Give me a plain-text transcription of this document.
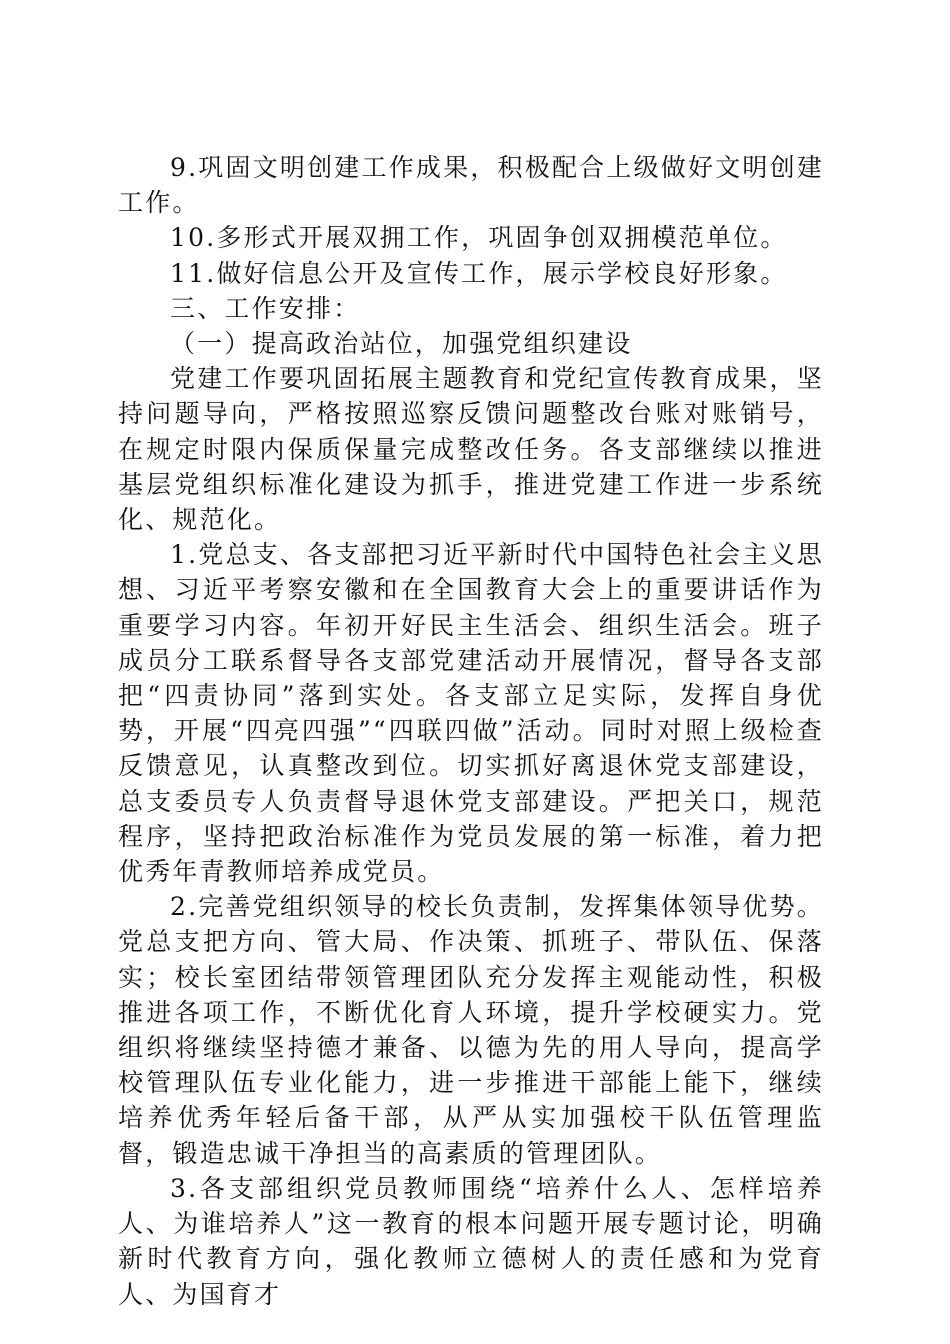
9.巩固文明创建工作成果，积极配合上级做好文明创建工作。

10.多形式开展双拥工作，巩固争创双拥模范单位。

11.做好信息公开及宣传工作，展示学校良好形象。

三、工作安排：

（一）提高政治站位，加强党组织建设

党建工作要巩固拓展主题教育和党纪宣传教育成果，坚持问题导向，严格按照巡察反馈问题整改台账对账销号，在规定时限内保质保量完成整改任务。各支部继续以推进基层党组织标准化建设为抓手，推进党建工作进一步系统化、规范化。

1.党总支、各支部把习近平新时代中国特色社会主义思想、习近平考察安徽和在全国教育大会上的重要讲话作为重要学习内容。年初开好民主生活会、组织生活会。班子成员分工联系督导各支部党建活动开展情况，督导各支部把“四责协同”落到实处。各支部立足实际，发挥自身优势，开展“四亮四强”“四联四做”活动。同时对照上级检查反馈意见，认真整改到位。切实抓好离退休党支部建设，总支委员专人负责督导退休党支部建设。严把关口，规范程序，坚持把政治标准作为党员发展的第一标准，着力把优秀年青教师培养成党员。

2.完善党组织领导的校长负责制，发挥集体领导优势。党总支把方向、管大局、作决策、抓班子、带队伍、保落实；校长室团结带领管理团队充分发挥主观能动性，积极推进各项工作，不断优化育人环境，提升学校硬实力。党组织将继续坚持德才兼备、以德为先的用人导向，提高学校管理队伍专业化能力，进一步推进干部能上能下，继续培养优秀年轻后备干部，从严从实加强校干队伍管理监督，锻造忠诚干净担当的高素质的管理团队。

3.各支部组织党员教师围绕“培养什么人、怎样培养人、为谁培养人”这一教育的根本问题开展专题讨论，明确新时代教育方向，强化教师立德树人的责任感和为党育人、为国育才
